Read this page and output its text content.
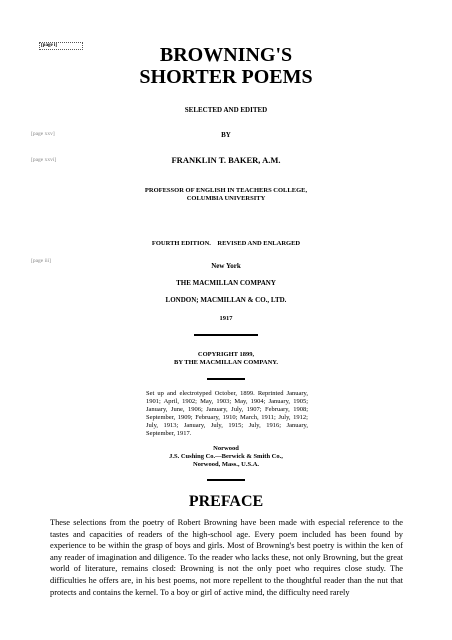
[page i]	BROWNING'S
SHORTER POEMS
SELECTED AND EDITED
[page xxv]	BY
[page xxvi]	FRANKLIN T. BAKER, A.M.
PROFESSOR OF ENGLISH IN TEACHERS COLLEGE,
COLUMBIA UNIVERSITY
FOURTH EDITION.    REVISED AND ENLARGED
[page iii]
New York
THE MACMILLAN COMPANY
LONDON; MACMILLAN & CO., LTD.
1917
COPYRIGHT 1899,
BY THE MACMILLAN COMPANY.
Set up and electrotyped October, 1899. Reprinted January, 1901; April, 1902; May, 1903; May, 1904; January, 1905; January, June, 1906; January, July, 1907; February, 1908; September, 1909; February, 1910; March, 1911; July, 1912; July, 1913; January, July, 1915; July, 1916; January, September, 1917.
Norwood
J.S. Cushing Co.—Berwick & Smith Co.,
Norwood, Mass., U.S.A.
PREFACE
These selections from the poetry of Robert Browning have been made with especial reference to the tastes and capacities of readers of the high-school age. Every poem included has been found by experience to be within the grasp of boys and girls. Most of Browning's best poetry is within the ken of any reader of imagination and diligence. To the reader who lacks these, not only Browning, but the great world of literature, remains closed: Browning is not the only poet who requires close study. The difficulties he offers are, in his best poems, not more repellent to the thoughtful reader than the nut that protects and contains the kernel. To a boy or girl of active mind, the difficulty need rarely
